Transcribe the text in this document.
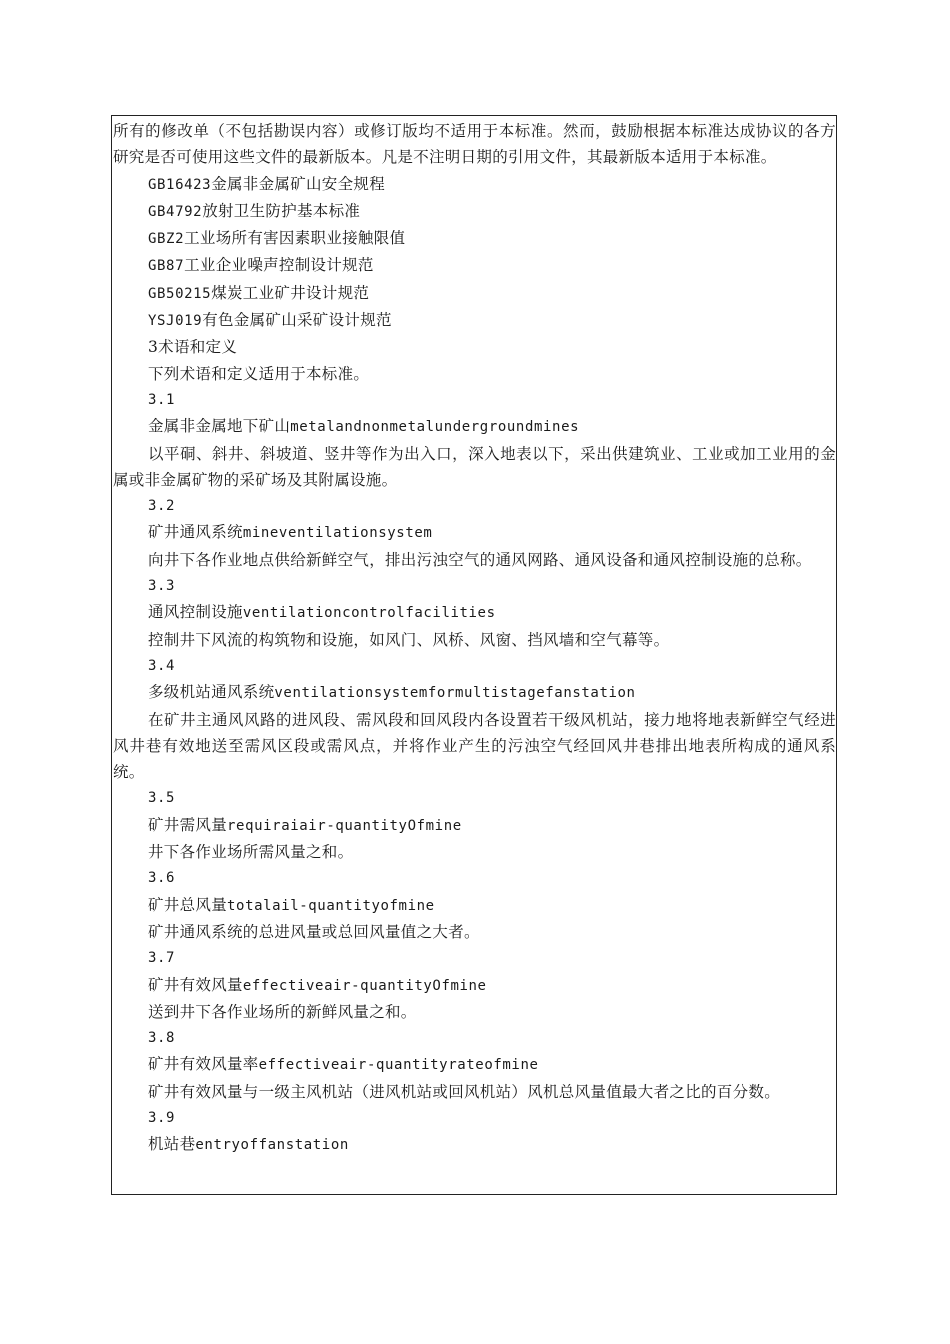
所有的修改单（不包括勘误内容）或修订版均不适用于本标准。然而，鼓励根据本标准达成协议的各方研究是否可使用这些文件的最新版本。凡是不注明日期的引用文件，其最新版本适用于本标准。

GB16423金属非金属矿山安全规程

GB4792放射卫生防护基本标准

GBZ2工业场所有害因素职业接触限值

GB87工业企业噪声控制设计规范

GB50215煤炭工业矿井设计规范

YSJ019有色金属矿山采矿设计规范

3术语和定义

下列术语和定义适用于本标准。

3.1

金属非金属地下矿山metalandnonmetalundergroundmines

以平硐、斜井、斜坡道、竖井等作为出入口，深入地表以下，采出供建筑业、工业或加工业用的金属或非金属矿物的采矿场及其附属设施。

3.2

矿井通风系统mineventilationsystem

向井下各作业地点供给新鲜空气，排出污浊空气的通风网路、通风设备和通风控制设施的总称。

3.3

通风控制设施ventilationcontrolfacilities

控制井下风流的构筑物和设施，如风门、风桥、风窗、挡风墙和空气幕等。

3.4

多级机站通风系统ventilationsystemformultistagefanstation

在矿井主通风风路的进风段、需风段和回风段内各设置若干级风机站，接力地将地表新鲜空气经进风井巷有效地送至需风区段或需风点，并将作业产生的污浊空气经回风井巷排出地表所构成的通风系统。

3.5

矿井需风量requiraiair-quantityOfmine

井下各作业场所需风量之和。

3.6

矿井总风量totalail-quantityofmine

矿井通风系统的总进风量或总回风量值之大者。

3.7

矿井有效风量effectiveair-quantityOfmine

送到井下各作业场所的新鲜风量之和。

3.8

矿井有效风量率effectiveair-quantityrateofmine

矿井有效风量与一级主风机站（进风机站或回风机站）风机总风量值最大者之比的百分数。

3.9

机站巷entryoffanstation
